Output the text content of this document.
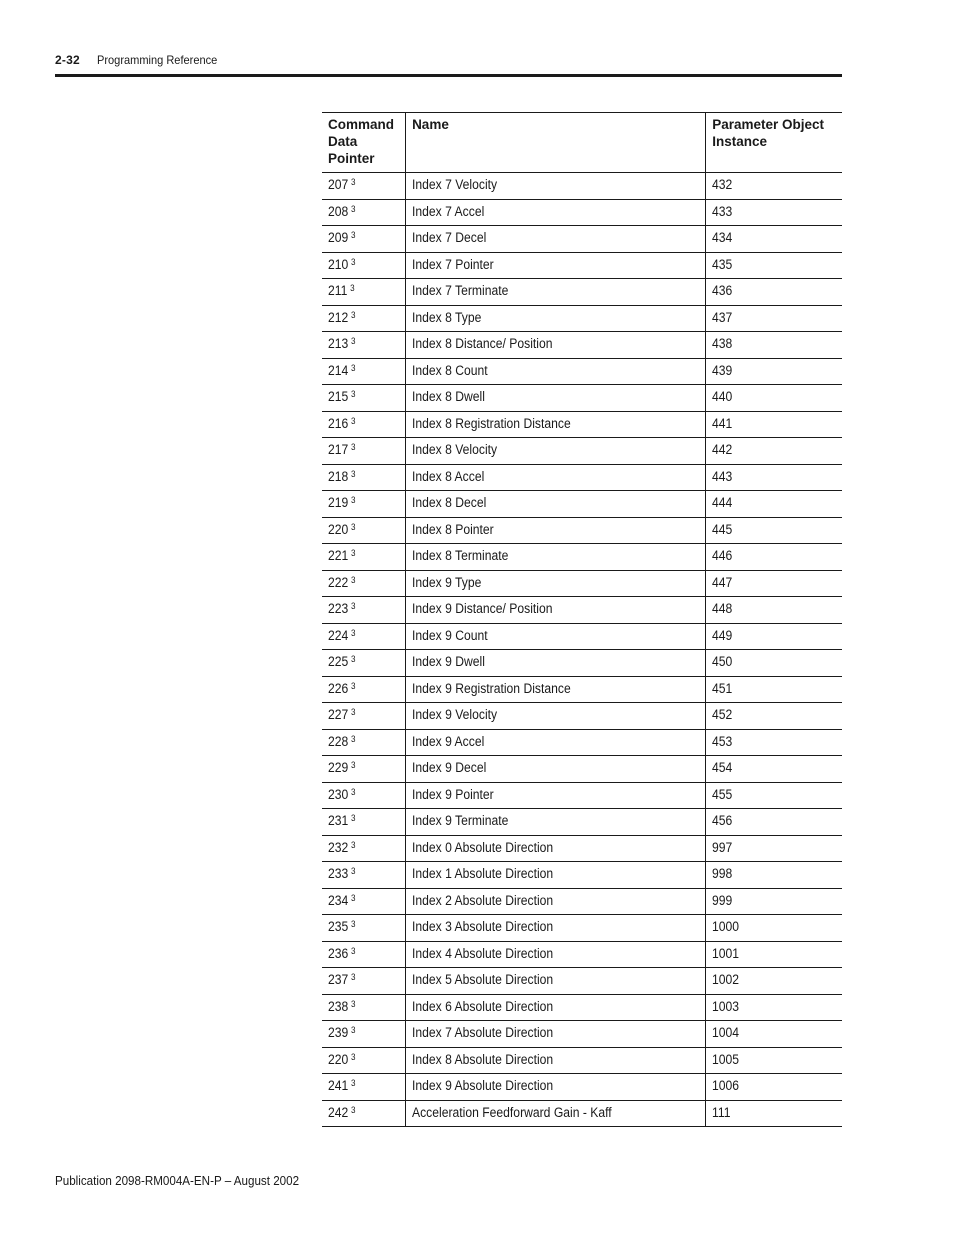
2-32 Programming Reference
Command Data Pointer	Name	Parameter Object Instance
207 $^3$	Index 7 Velocity	432
208 $^3$	Index 7 Accel	433
209 $^3$	Index 7 Decel	434
210 $^3$	Index 7 Pointer	435
211 $^3$	Index 7 Terminate	436
212 $^3$	Index 8 Type	437
213 $^3$	Index 8 Distance/ Position	438
214 $^3$	Index 8 Count	439
215 $^3$	Index 8 Dwell	440
216 $^3$	Index 8 Registration Distance	441
217 $^3$	Index 8 Velocity	442
218 $^3$	Index 8 Accel	443
219 $^3$	Index 8 Decel	444
220 $^3$	Index 8 Pointer	445
221 $^3$	Index 8 Terminate	446
222 $^3$	Index 9 Type	447
223 $^3$	Index 9 Distance/ Position	448
224 $^3$	Index 9 Count	449
225 $^3$	Index 9 Dwell	450
226 $^3$	Index 9 Registration Distance	451
227 $^3$	Index 9 Velocity	452
228 $^3$	Index 9 Accel	453
229 $^3$	Index 9 Decel	454
230 $^3$	Index 9 Pointer	455
231 $^3$	Index 9 Terminate	456
232 $^3$	Index 0 Absolute Direction	997
233 $^3$	Index 1 Absolute Direction	998
234 $^3$	Index 2 Absolute Direction	999
235 $^3$	Index 3 Absolute Direction	1000
236 $^3$	Index 4 Absolute Direction	1001
237 $^3$	Index 5 Absolute Direction	1002
238 $^3$	Index 6 Absolute Direction	1003
239 $^3$	Index 7 Absolute Direction	1004
220 $^3$	Index 8 Absolute Direction	1005
241 $^3$	Index 9 Absolute Direction	1006
242 $^3$	Acceleration Feedforward Gain - Kaff	111
Publication 2098-RM004A-EN-P – August 2002
